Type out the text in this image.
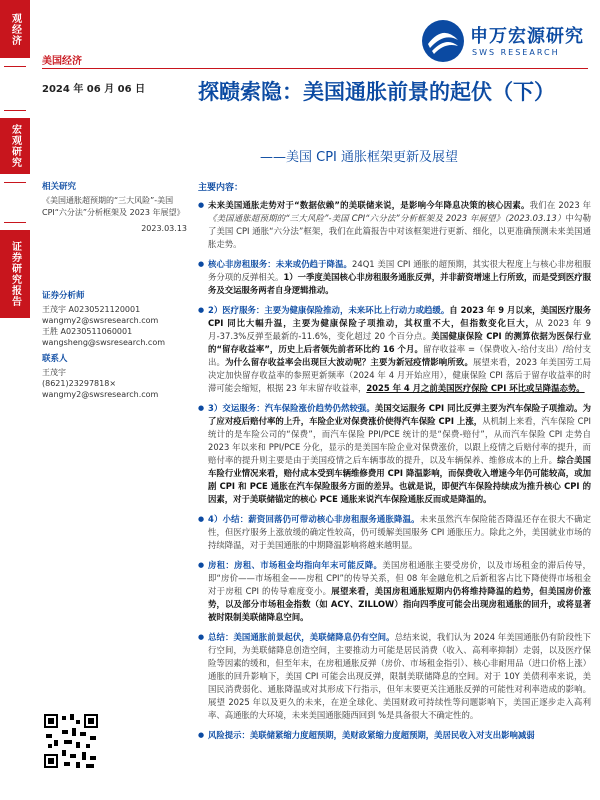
观经济
宏观研究
证券研究报告
美国经济
2024 年 06 月 06 日
申万宏源研究
SWS RESEARCH
探赜索隐：美国通胀前景的起伏（下）
——美国 CPI 通胀框架更新及展望
相关研究
《美国通胀超预期的“三大风险”-美国 CPI“六分法”分析框架及 2023 年展望》
2023.03.13
证券分析师
王茂宇 A0230521120001
wangmy2@swsresearch.com
王胜 A0230511060001
wangsheng@swsresearch.com
联系人
王茂宇
(8621)23297818×
wangmy2@swsresearch.com
主要内容：
● 未来美国通胀走势对于“数据依赖”的美联储来说，是影响今年降息决策的核心因素。我们在 2023 年《美国通胀超预期的“三大风险”-美国 CPI“六分法”分析框架及 2023 年展望》（2023.03.13）中勾勒了美国 CPI 通胀“六分法”框架，我们在此篇报告中对该框架进行更新、细化，以更准确预测未来美国通胀走势。
● 核心非房租服务：未来或仍趋于降温。24Q1 美国 CPI 通胀的超预期，其实很大程度上与核心非房租服务分项的反弹相关。1）一季度美国核心非房租服务通胀反弹，并非薪资增速上行所致，而是受到医疗服务及交运服务两者自身逻辑推动。
● 2）医疗服务：主要为健康保险推动，未来环比上行动力或趋缓。自 2023 年 9 月以来，美国医疗服务 CPI 同比大幅升温，主要为健康保险子项推动，其权重不大，但指数变化巨大，从 2023 年 9 月-37.3%反弹至最新的-11.6%，变化超过 20 个百分点。美国健康保险 CPI 的测算依据为医保行业的“留存收益率”，历史上后者领先前者环比约 16 个月。留存收益率 =（保费收入-给付支出）/给付支出。为什么留存收益率会出现巨大波动呢？主要为新冠疫情影响所致。展望来看，2023 年美国劳工局决定加快留存收益率的参照更新频率（2024 年 4 月开始应用），健康保险 CPI 落后于留存收益率的时滞可能会缩短，根据 23 年末留存收益率，2025 年 4 月之前美国医疗保险 CPI 环比或呈降温态势。
● 3）交运服务：汽车保险涨价趋势仍然较强。美国交运服务 CPI 同比反弹主要为汽车保险子项推动。为了应对疫后赔付率的上升，车险企业对保费涨价使得汽车保险 CPI 上涨，从机制上来看，汽车保险 CPI 统计的是车险公司的“保费”，而汽车保险 PPI/PCE 统计的是“保费-赔付”，从而汽车保险 CPI 走势自 2023 年以来和 PPI/PCE 分化，显示的是美国车险企业对保费涨价，以跟上疫情之后赔付率的提升，而赔付率的提升则主要是由于美国疫情之后车辆事故的提升，以及车辆保养、维修成本的上升。综合美国车险行业情况来看，赔付成本受到车辆维修费用 CPI 降温影响，而保费收入增速今年仍可能较高，或加剧 CPI 和 PCE 通胀在汽车保险服务方面的差异。也就是说，即便汽车保险持续成为推升核心 CPI 的因素，对于美联储锚定的核心 PCE 通胀来说汽车保险通胀反而或是降温的。
● 4）小结：薪资回落仍可带动核心非房租服务通胀降温。未来虽然汽车保险能否降温还存在很大不确定性，但医疗服务上涨放缓的确定性较高，仍可缓解美国服务 CPI 通胀压力。除此之外，美国就业市场的持续降温，对于美国通胀的中期降温影响将越来越明显。
● 房租：房租、市场租金均指向年末可能反降。美国房租通胀主要受房价，以及市场租金的滞后传导，即“房价——市场租金——房租 CPI”的传导关系，但 08 年金融危机之后新租客占比下降使得市场租金对于房租 CPI 的传导难度变小。展望来看，美国房租通胀短期内仍将维持降温的趋势，但美国房价涨势，以及部分市场租金指数（如 ACY、ZILLOW）指向四季度可能会出现房租通胀的回升，或将显著被时限制美联储降息空间。
● 总结：美国通胀前景起伏，美联储降息仍有空间。总结来说，我们认为 2024 年美国通胀仍有阶段性下行空间，为美联储降息创造空间，主要推动力可能是居民消费（收入、高利率抑制）走弱，以及医疗保险等因素的缓和，但至年末，在房租通胀反弹（房价、市场租金指引）、核心非耐用品（进口价格上涨）通胀的回升影响下，美国 CPI 可能会出现反弹，限制美联储降息的空间。对于 10Y 美债利率来说，美国民消费弱化、通胀降温或对其形成下行指示，但年末要更关注通胀反弹的可能性对利率造成的影响。展望 2025 年以及更久的未来，在逆全球化、美国财政可持续性等问题影响下，美国正逐步走入高利率、高通胀的大环境，未来美国通胀随西回到 %是具备很大不确定性的。
● 风险提示：美联储紧缩力度超预期，美财政紧缩力度超预期，美居民收入对支出影响减弱
